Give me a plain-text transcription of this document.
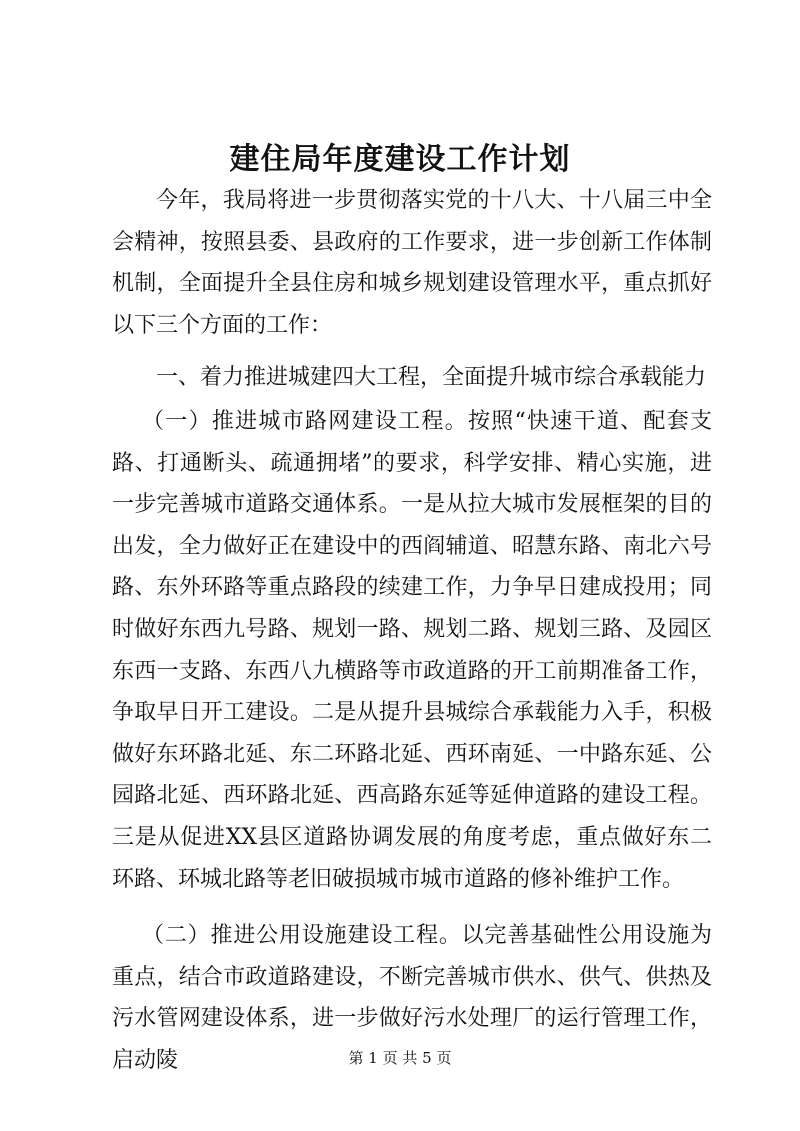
建住局年度建设工作计划

今年，我局将进一步贯彻落实党的十八大、十八届三中全会精神，按照县委、县政府的工作要求，进一步创新工作体制机制，全面提升全县住房和城乡规划建设管理水平，重点抓好以下三个方面的工作：

一、着力推进城建四大工程，全面提升城市综合承载能力

（一）推进城市路网建设工程。按照“快速干道、配套支路、打通断头、疏通拥堵”的要求，科学安排、精心实施，进一步完善城市道路交通体系。一是从拉大城市发展框架的目的出发，全力做好正在建设中的西阎辅道、昭慧东路、南北六号路、东外环路等重点路段的续建工作，力争早日建成投用；同时做好东西九号路、规划一路、规划二路、规划三路、及园区东西一支路、东西八九横路等市政道路的开工前期准备工作，争取早日开工建设。二是从提升县城综合承载能力入手，积极做好东环路北延、东二环路北延、西环南延、一中路东延、公园路北延、西环路北延、西高路东延等延伸道路的建设工程。三是从促进XX县区道路协调发展的角度考虑，重点做好东二环路、环城北路等老旧破损城市城市道路的修补维护工作。

（二）推进公用设施建设工程。以完善基础性公用设施为重点，结合市政道路建设，不断完善城市供水、供气、供热及污水管网建设体系，进一步做好污水处理厂的运行管理工作，启动陵	第 1 页 共 5 页
